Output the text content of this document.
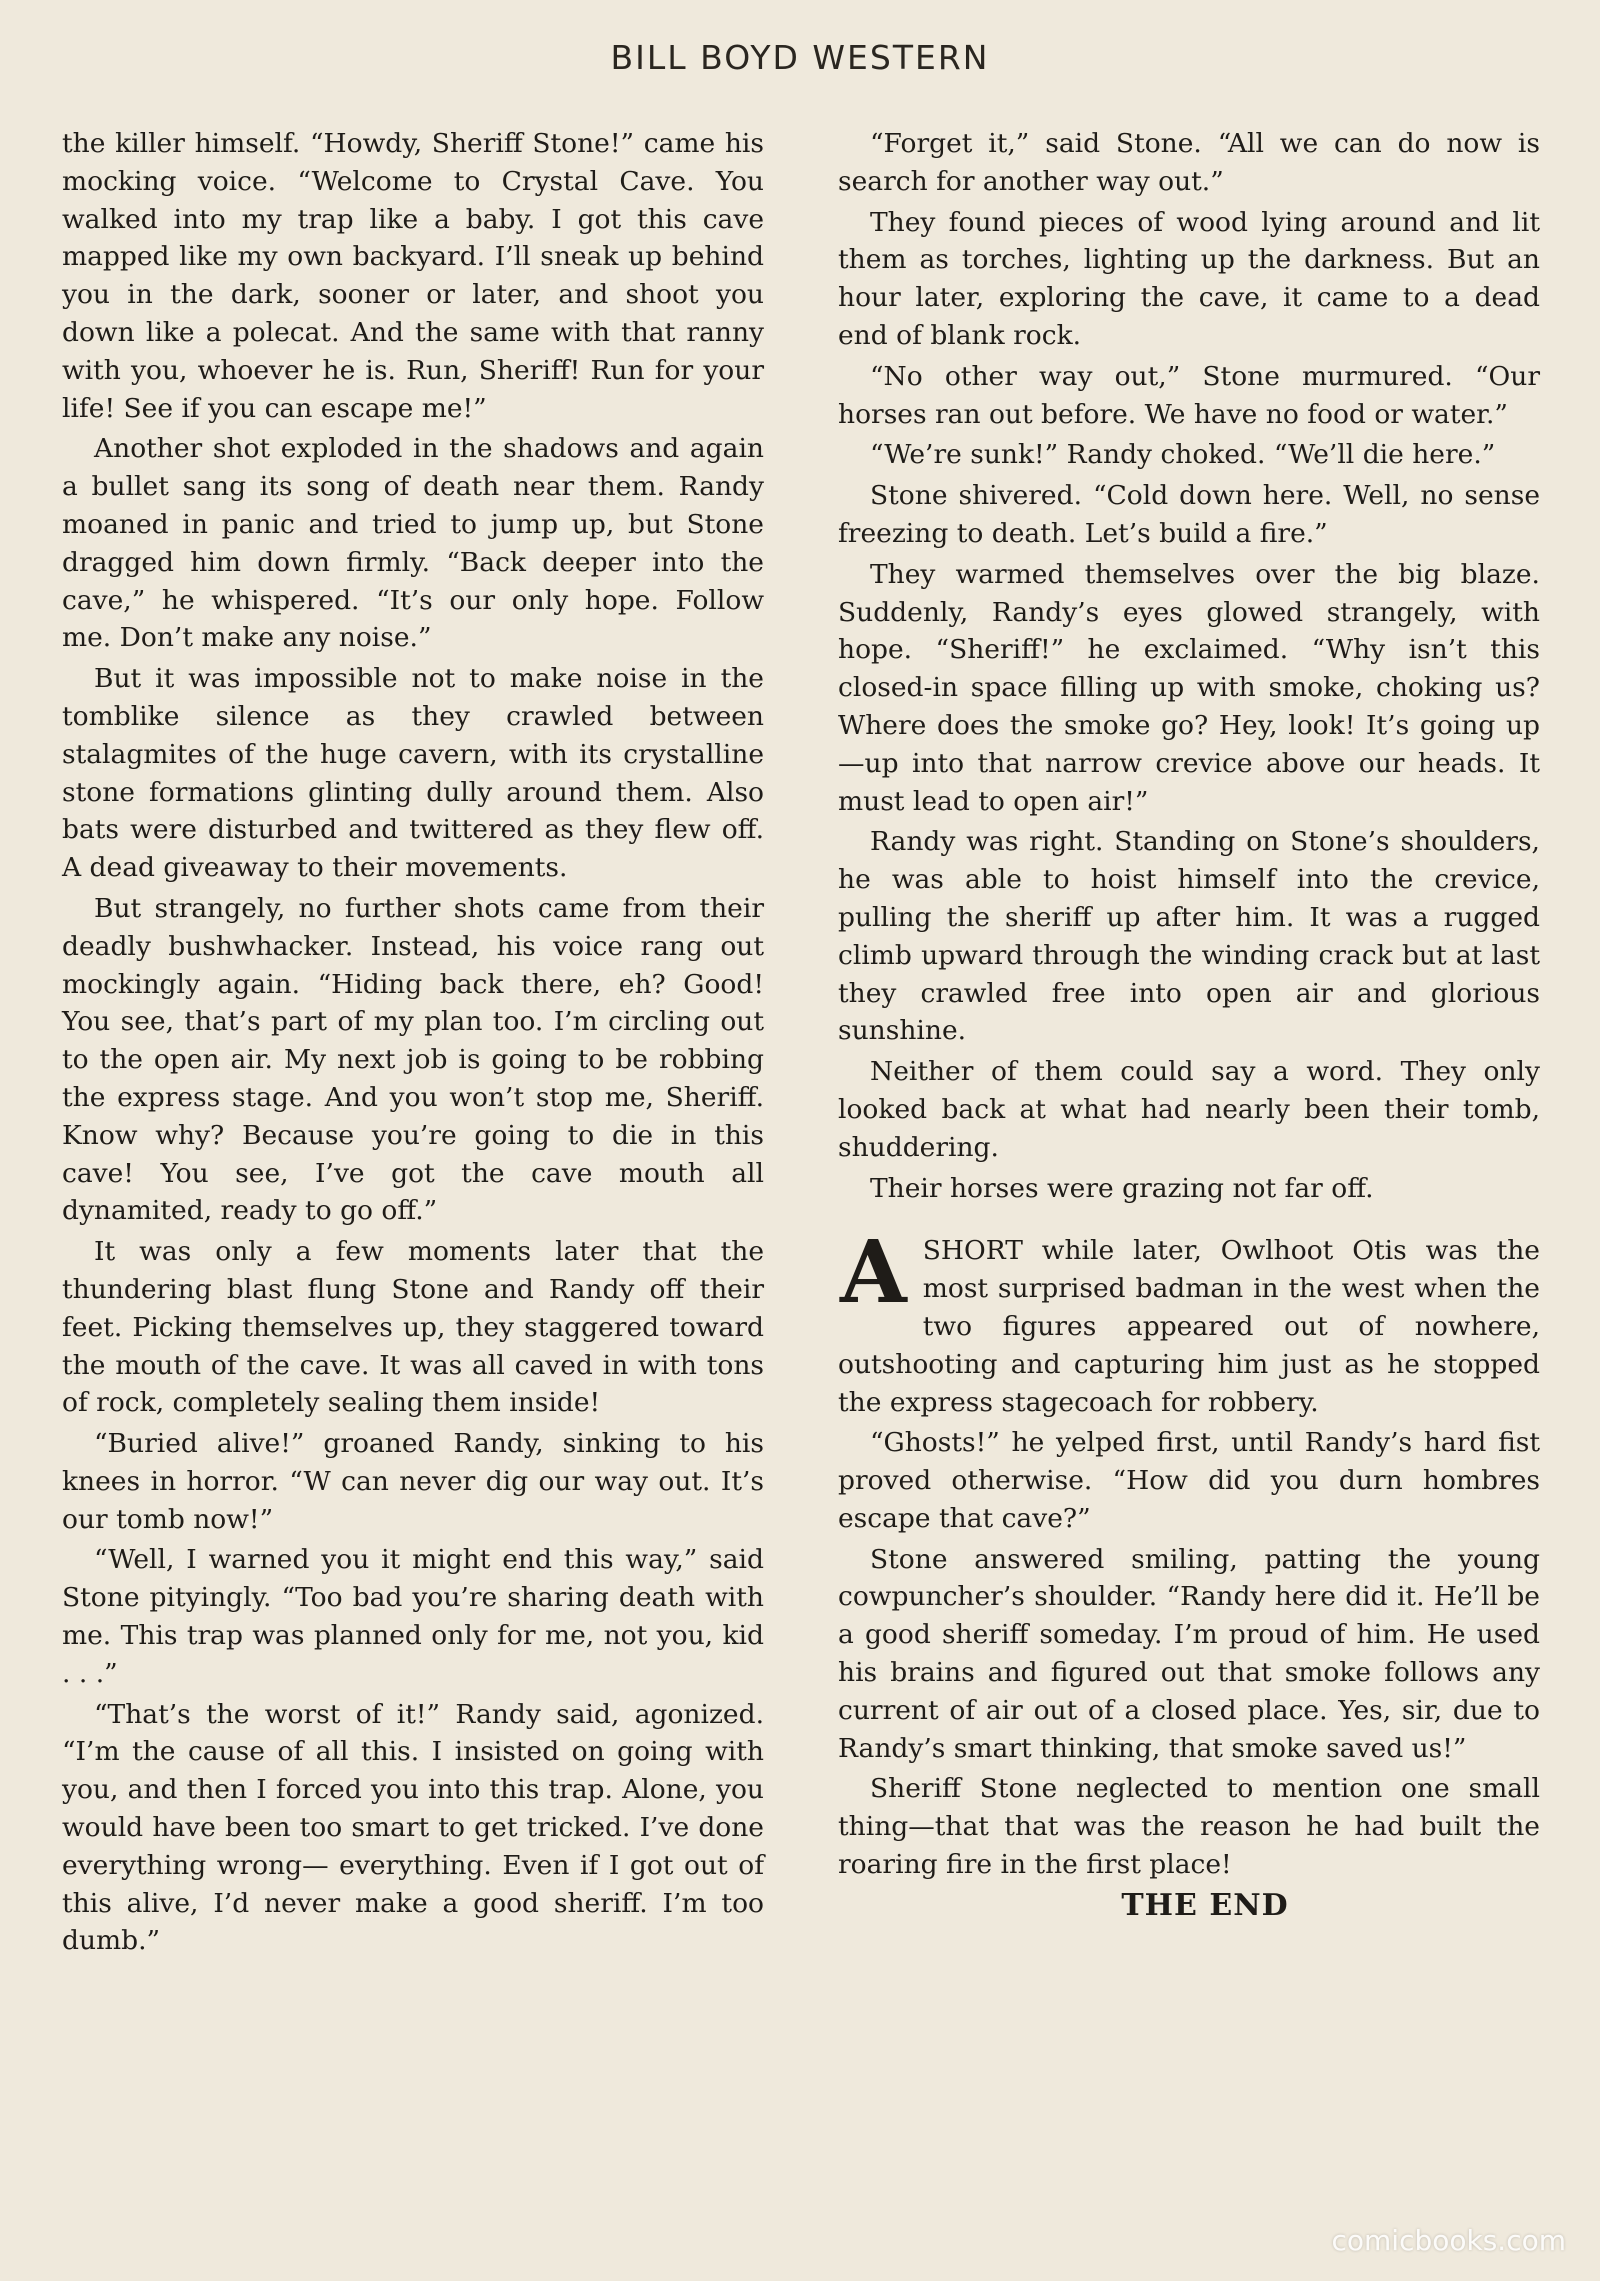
BILL BOYD WESTERN

the killer himself. “Howdy, Sheriff Stone!” came his mocking voice. “Welcome to Crystal Cave. You walked into my trap like a baby. I got this cave mapped like my own backyard. I’ll sneak up behind you in the dark, sooner or later, and shoot you down like a polecat. And the same with that ranny with you, whoever he is. Run, Sheriff! Run for your life! See if you can escape me!”

Another shot exploded in the shadows and again a bullet sang its song of death near them. Randy moaned in panic and tried to jump up, but Stone dragged him down firmly. “Back deeper into the cave,” he whispered. “It’s our only hope. Follow me. Don’t make any noise.”

But it was impossible not to make noise in the tomblike silence as they crawled between stalagmites of the huge cavern, with its crystalline stone formations glinting dully around them. Also bats were disturbed and twittered as they flew off. A dead giveaway to their movements.

But strangely, no further shots came from their deadly bushwhacker. Instead, his voice rang out mockingly again. “Hiding back there, eh? Good! You see, that’s part of my plan too. I’m circling out to the open air. My next job is going to be robbing the express stage. And you won’t stop me, Sheriff. Know why? Because you’re going to die in this cave! You see, I’ve got the cave mouth all dynamited, ready to go off.”

It was only a few moments later that the thundering blast flung Stone and Randy off their feet. Picking themselves up, they staggered toward the mouth of the cave. It was all caved in with tons of rock, completely sealing them inside!

“Buried alive!” groaned Randy, sinking to his knees in horror. “W can never dig our way out. It’s our tomb now!”

“Well, I warned you it might end this way,” said Stone pityingly. “Too bad you’re sharing death with me. This trap was planned only for me, not you, kid . . .”

“That’s the worst of it!” Randy said, agonized. “I’m the cause of all this. I insisted on going with you, and then I forced you into this trap. Alone, you would have been too smart to get tricked. I’ve done everything wrong— everything. Even if I got out of this alive, I’d never make a good sheriff. I’m too dumb.”

“Forget it,” said Stone. “All we can do now is search for another way out.”

They found pieces of wood lying around and lit them as torches, lighting up the darkness. But an hour later, exploring the cave, it came to a dead end of blank rock.

“No other way out,” Stone murmured. “Our horses ran out before. We have no food or water.”

“We’re sunk!” Randy choked. “We’ll die here.”

Stone shivered. “Cold down here. Well, no sense freezing to death. Let’s build a fire.”

They warmed themselves over the big blaze. Suddenly, Randy’s eyes glowed strangely, with hope. “Sheriff!” he exclaimed. “Why isn’t this closed-in space filling up with smoke, choking us? Where does the smoke go? Hey, look! It’s going up—up into that narrow crevice above our heads. It must lead to open air!”

Randy was right. Standing on Stone’s shoulders, he was able to hoist himself into the crevice, pulling the sheriff up after him. It was a rugged climb upward through the winding crack but at last they crawled free into open air and glorious sunshine.

Neither of them could say a word. They only looked back at what had nearly been their tomb, shuddering.

Their horses were grazing not far off.

ASHORT while later, Owlhoot Otis was the most surprised badman in the west when the two figures appeared out of nowhere, outshooting and capturing him just as he stopped the express stagecoach for robbery.

“Ghosts!” he yelped first, until Randy’s hard fist proved otherwise. “How did you durn hombres escape that cave?”

Stone answered smiling, patting the young cowpuncher’s shoulder. “Randy here did it. He’ll be a good sheriff someday. I’m proud of him. He used his brains and figured out that smoke follows any current of air out of a closed place. Yes, sir, due to Randy’s smart thinking, that smoke saved us!”

Sheriff Stone neglected to mention one small thing—that that was the reason he had built the roaring fire in the first place!

THE END

comicbooks.com
